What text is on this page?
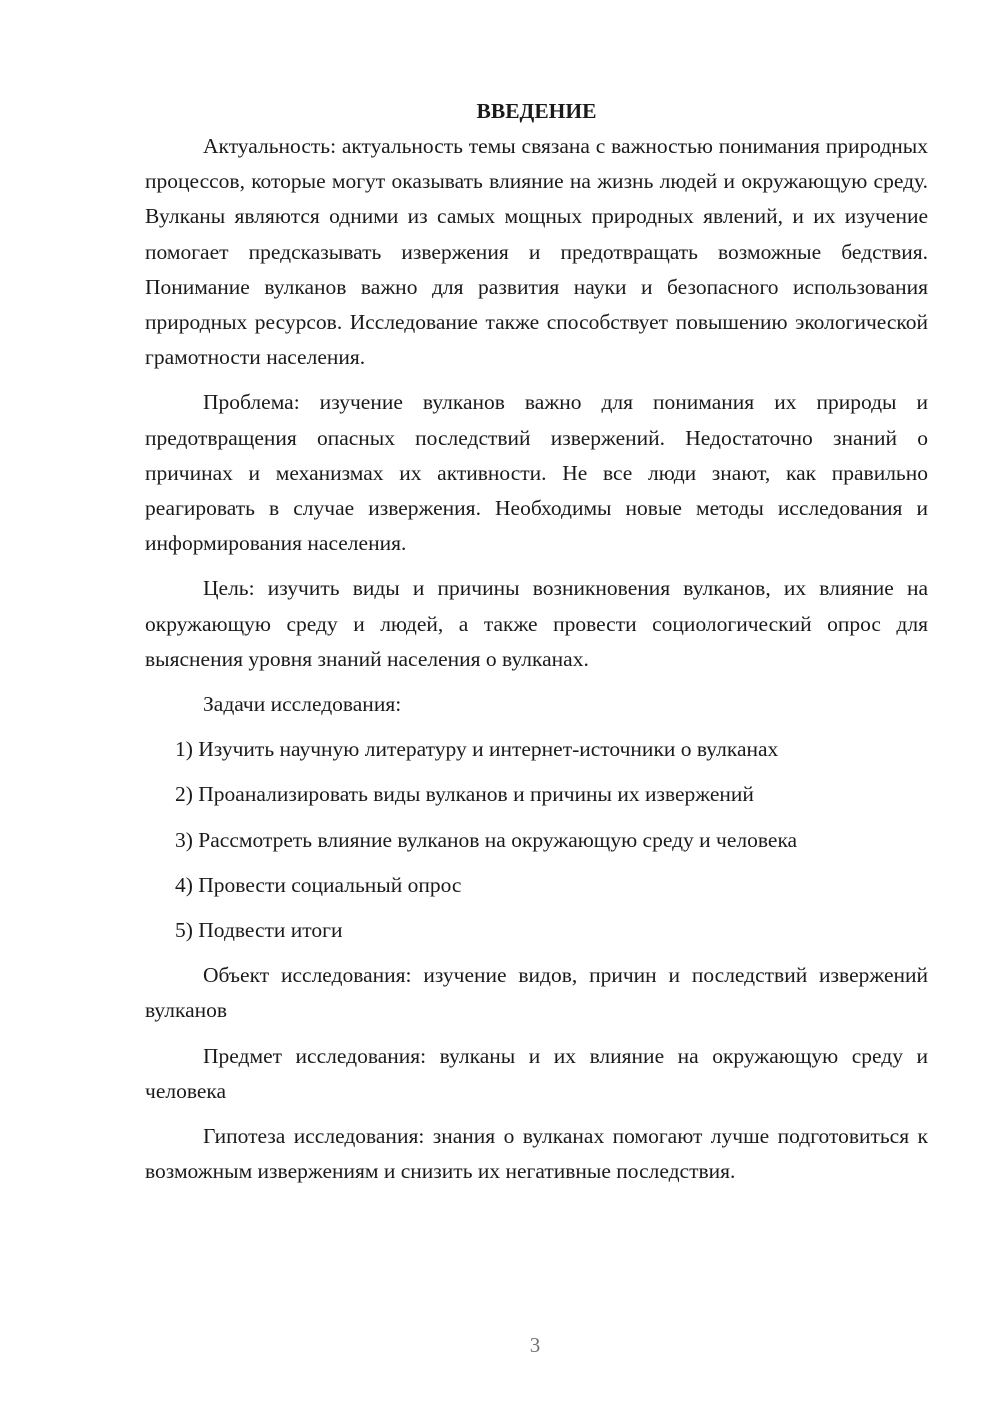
ВВЕДЕНИЕ

Актуальность: актуальность темы связана с важностью понимания природных процессов, которые могут оказывать влияние на жизнь людей и окружающую среду. Вулканы являются одними из самых мощных природных явлений, и их изучение помогает предсказывать извержения и предотвращать возможные бедствия. Понимание вулканов важно для развития науки и безопасного использования природных ресурсов. Исследование также способствует повышению экологической грамотности населения.

Проблема: изучение вулканов важно для понимания их природы и предотвращения опасных последствий извержений. Недостаточно знаний о причинах и механизмах их активности. Не все люди знают, как правильно реагировать в случае извержения. Необходимы новые методы исследования и информирования населения.

Цель: изучить виды и причины возникновения вулканов, их влияние на окружающую среду и людей, а также провести социологический опрос для выяснения уровня знаний населения о вулканах.

Задачи исследования:

1) Изучить научную литературу и интернет-источники о вулканах
2) Проанализировать виды вулканов и причины их извержений
3) Рассмотреть влияние вулканов на окружающую среду и человека
4) Провести социальный опрос
5) Подвести итоги

Объект исследования: изучение видов, причин и последствий извержений вулканов

Предмет исследования: вулканы и их влияние на окружающую среду и человека

Гипотеза исследования: знания о вулканах помогают лучше подготовиться к возможным извержениям и снизить их негативные последствия.

3
